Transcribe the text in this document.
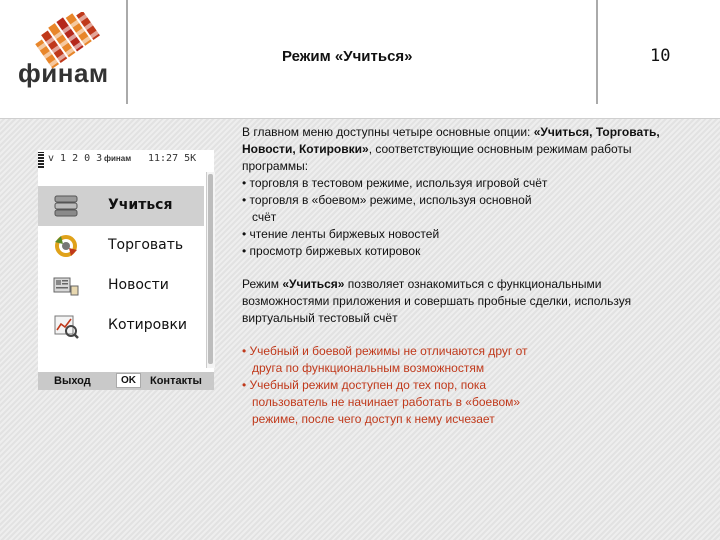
финам
Режим «Учиться»	10
v 1 2 0 3 финам 11:27 5K
Учиться
Торговать
Новости
Котировки
Выход	OK	Контакты

В главном меню доступны четыре основные опции: «Учиться, Торговать, Новости, Котировки», соответствующие основным режимам работы программы:

• торговля в тестовом режиме, используя игровой счёт

• торговля в «боевом» режиме, используя основной

счёт

• чтение ленты биржевых новостей

• просмотр биржевых котировок

Режим «Учиться» позволяет ознакомиться с функциональными возможностями приложения и совершать пробные сделки, используя виртуальный тестовый счёт

• Учебный и боевой режимы не отличаются друг от

друга по функциональным возможностям

• Учебный режим доступен до тех пор, пока

пользователь не начинает работать в «боевом»

режиме, после чего доступ к нему исчезает
